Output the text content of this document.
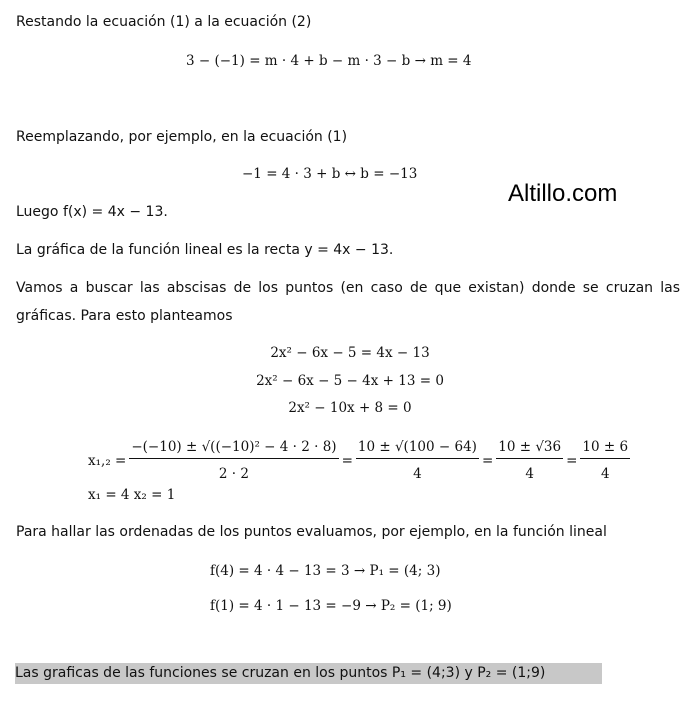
Restando la ecuación (1) a la ecuación (2)
3 − (−1) = m · 4 + b − m · 3 − b → m = 4
Reemplazando, por ejemplo, en la ecuación (1)
−1 = 4 · 3 + b ↔ b = −13
Altillo.com
Luego f(x) = 4x − 13.
La gráfica de la función lineal es la recta y = 4x − 13.
Vamos a buscar las abscisas de los puntos (en caso de que existan) donde se cruzan las gráficas. Para esto planteamos
2x² − 6x − 5 = 4x − 13
2x² − 6x − 5 − 4x + 13 = 0
2x² − 10x + 8 = 0
$x_1,_2 = \frac{\text{−(−10) ± √((−10)² − 4 · 2 · 8)}}{2 \cdot 2} = \frac{10 \pm √(100 - 64)}{4} = \frac{10 \pm √36}{4} = \frac{10 \pm 6}{4}$
x₁ = 4 x₂ = 1
Para hallar las ordenadas de los puntos evaluamos, por ejemplo, en la función lineal
f(4) = 4 · 4 − 13 = 3 → P₁ = (4; 3)
f(1) = 4 · 1 − 13 = −9 → P₂ = (1; 9)
Las graficas de las funciones se cruzan en los puntos P₁ = (4;3) y P₂ = (1;9)
